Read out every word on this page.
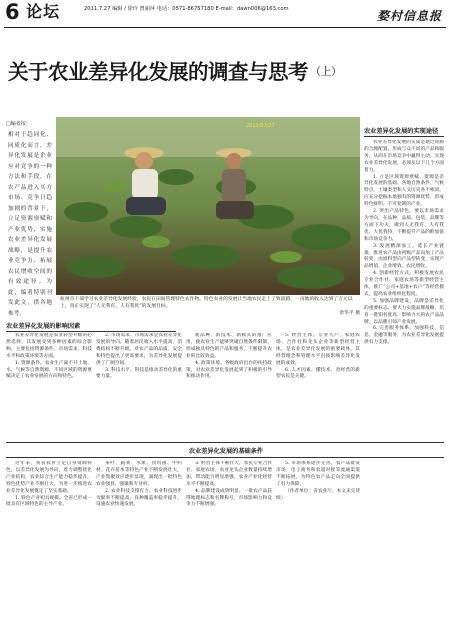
6 论坛	2011.7.27 编辑 / 徐玲 曾丽萍 电话：0571-86757180 E-mail：dawn006@163.com	婺村信息报
关于农业差异化发展的调查与思考 （上）
□编者按：
相对于趋同化、同质化而言，差异化发展是企业应对竞争的一种方法和手段，在农产品进入买方市场、竞争日趋加剧的背景下，立足资源禀赋和产业优势，实施农业差异化发展战略，是提升农业竞争力、拓展农民增收空间的有效途径。为此，编者特别刊发此文，供各地参考。
2011/07/27
杭州市干部学习农业差异化发展经验，农民在田间管理特色农作物。特色农业的发展让当地农民走上了致富路，一亩地的收入达到了万元以上，真正实现了“人无我有、人有我优”的发展目标。
余华平 摄
农业差异化发展的实现途径

农业差异化发展的实质是通过资源的合理配置，形成与众不同的产品和服务，从而在市场竞争中赢得主动。实现农业差异化发展，必须从以下几个方面着力。

1. 立足区域资源禀赋。资源是差异化发展的基础。各地自然条件、气候特点、土壤类型和人文历史各不相同，应充分挖掘本地独有的资源优势，形成特色鲜明、不可复制的产业。

2. 突出产品特色。要以市场需求为导向，在品种、品质、包装、品牌等方面下功夫，做到人无我有、人有我优、人优我特，不断提升产品的附加值和市场竞争力。

3. 发展精深加工。延长产业链条，推进农产品由初级产品向加工产品转变，由原料型向产品型转变，实现产品增值、企业增效、农民增收。

4. 创新经营方式。积极发展农民专业合作社、家庭农场等新型经营主体，推广“公司+基地+农户”等经营模式，提高农业组织化程度。

5. 加强品牌建设。品牌是差异化的重要标志。要大力实施品牌战略，培育一批知名度高、影响力大的农产品品牌，以品牌引领产业发展。

6. 完善服务体系。加强科技、信息、金融等服务，为农业差异化发展提供有力支撑。

农业差异化发展的影响因素

农业差异化发展是农业转型升级的必然选择，其发展受到多种因素的综合影响，主要包括资源条件、市场需求、科技水平和政策环境等方面。

1. 资源条件。农业生产离不开土地、水、气候等自然资源，不同区域的资源禀赋决定了农业发展的方向和特色。

2. 市场需求。市场需求是农业差异化发展的导向。随着居民收入水平提高，消费结构不断升级，对农产品的品质、安全和特色提出了更高要求，为差异化发展提供了广阔空间。

3. 科技水平。科技是推动差异化的重要力量。

新品种、新技术、新模式的推广应用，使农业生产能够突破自然条件限制，形成独具特色的产品和服务，不断提升农业的比较效益。

4. 政策环境。各级政府出台的扶持政策，对农业差异化发展起到了积极的引导和推动作用。

5. 经营主体。专业大户、家庭农场、合作社和龙头企业等新型经营主体，是农业差异化发展的重要载体，其经营理念和管理水平直接影响差异化发展的成效。

6. 人才因素。懂技术、善经营的新型农民是关键。

农业差异化发展的基础条件

近年来，我省农业立足自身资源特色，以差异化发展为导向，着力调整优化产业结构，农业综合生产能力稳步提升，特色优势产业不断壮大，为进一步推进农业差异化发展奠定了坚实基础。

1. 特色产业初具规模。全省已形成一批具有区域特色的主导产业。

茶叶、蔬菜、水果、食用菌、中药材、花卉苗木等特色产业不断发展壮大，产业集聚效应逐步显现，涌现出一批特色农业强县、强镇和专业村。

2. 农业科技支撑有力。农业科技进步贡献率不断提高，良种覆盖率稳步提升，设施农业快速发展。

3. 经营主体不断壮大。农民专业合作社、家庭农场、农业龙头企业数量持续增加，带动能力明显增强，农业产业化经营水平不断提高。

4. 品牌建设成效明显。一批农产品获得地理标志和名牌称号，市场影响力和竞争力不断增强。

5. 市场体系逐步完善。农产品批发市场、电子商务和农超对接等流通渠道不断拓展，为特色农产品走向全国提供了有力保障。

（作者单位：省农业厅，本文未完待续）
